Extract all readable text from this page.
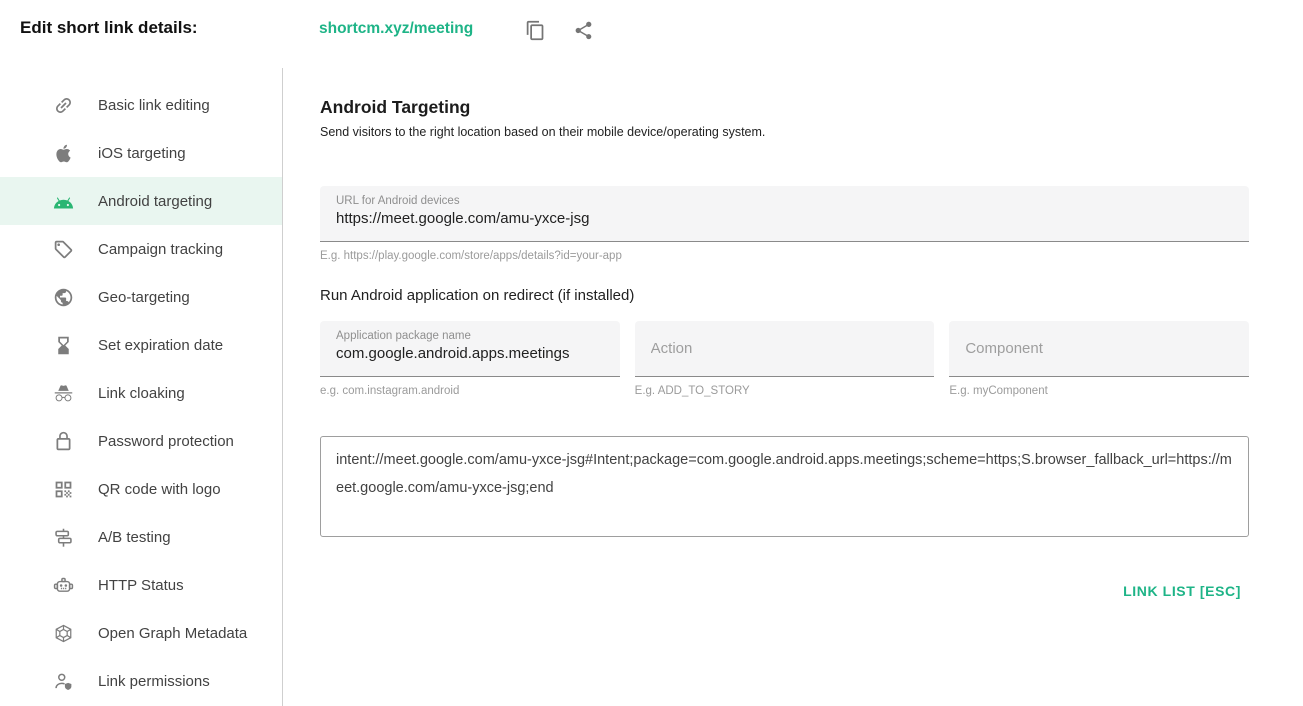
Edit short link details:	shortcm.xyz/meeting
Basic link editing
iOS targeting
Android targeting
Campaign tracking
Geo-targeting
Set expiration date
Link cloaking
Password protection
QR code with logo
A/B testing
HTTP Status
Open Graph Metadata
Link permissions
Android Targeting
Send visitors to the right location based on their mobile device/operating system.
URL for Android devices
https://meet.google.com/amu-yxce-jsg
E.g. https://play.google.com/store/apps/details?id=your-app
Run Android application on redirect (if installed)
Application package name
com.google.android.apps.meetings
e.g. com.instagram.android
Action	E.g. ADD_TO_STORY
Component	E.g. myComponent
intent://meet.google.com/amu-yxce-jsg#Intent;package=com.google.android.apps.meetings;scheme=https;S.browser_fallback_url=https://meet.google.com/amu-yxce-jsg;end
LINK LIST [ESC]
